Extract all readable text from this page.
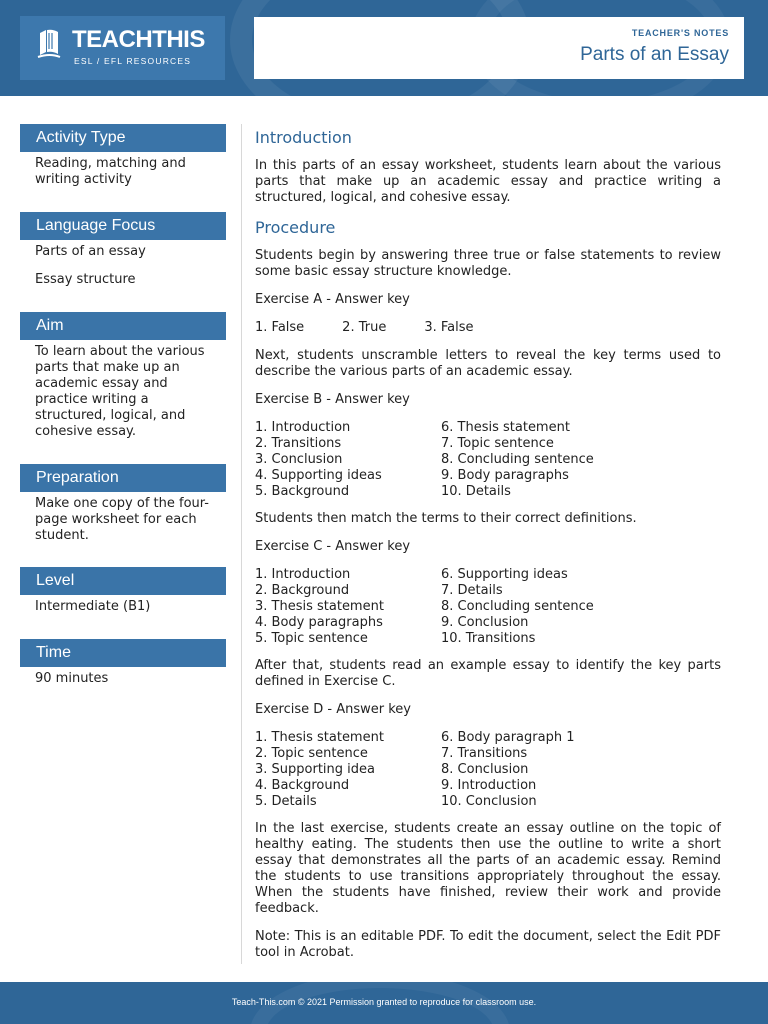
TEACHTHIS
ESL / EFL RESOURCES
TEACHER'S NOTES
Parts of an Essay
Activity Type

Reading, matching and writing activity

Language Focus

Parts of an essay

Essay structure

Aim

To learn about the various parts that make up an academic essay and practice writing a structured, logical, and cohesive essay.

Preparation

Make one copy of the four-page worksheet for each student.

Level

Intermediate (B1)

Time

90 minutes

Introduction

In this parts of an essay worksheet, students learn about the various parts that make up an academic essay and practice writing a structured, logical, and cohesive essay.

Procedure

Students begin by answering three true or false statements to review some basic essay structure knowledge.

Exercise A - Answer key

1. False	2. True	3. False

Next, students unscramble letters to reveal the key terms used to describe the various parts of an academic essay.

Exercise B - Answer key

1. Introduction
2. Transitions
3. Conclusion
4. Supporting ideas
5. Background
6. Thesis statement
7. Topic sentence
8. Concluding sentence
9. Body paragraphs
10. Details

Students then match the terms to their correct definitions.

Exercise C - Answer key

1. Introduction
2. Background
3. Thesis statement
4. Body paragraphs
5. Topic sentence
6. Supporting ideas
7. Details
8. Concluding sentence
9. Conclusion
10. Transitions

After that, students read an example essay to identify the key parts defined in Exercise C.

Exercise D - Answer key

1. Thesis statement
2. Topic sentence
3. Supporting idea
4. Background
5. Details
6. Body paragraph 1
7. Transitions
8. Conclusion
9. Introduction
10. Conclusion

In the last exercise, students create an essay outline on the topic of healthy eating. The students then use the outline to write a short essay that demonstrates all the parts of an academic essay. Remind the students to use transitions appropriately throughout the essay. When the students have finished, review their work and provide feedback.

Note: This is an editable PDF. To edit the document, select the Edit PDF tool in Acrobat.

Teach-This.com © 2021 Permission granted to reproduce for classroom use.
